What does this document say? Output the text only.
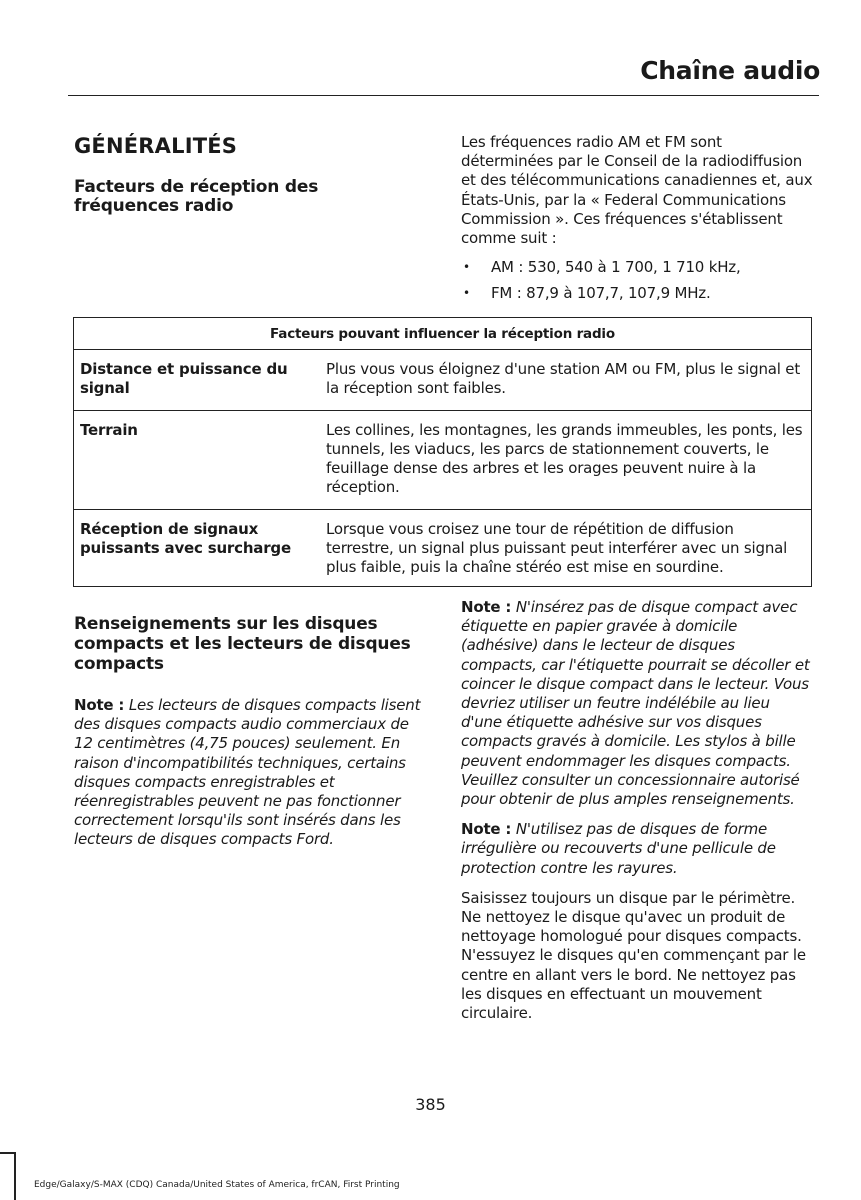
Chaîne audio
GÉNÉRALITÉS
Facteurs de réception des fréquences radio

Les fréquences radio AM et FM sont déterminées par le Conseil de la radiodiffusion et des télécommunications canadiennes et, aux États-Unis, par la « Federal Communications Commission ». Ces fréquences s'établissent comme suit :

• AM : 530, 540 à 1 700, 1 710 kHz,
• FM : 87,9 à 107,7, 107,9 MHz.
Facteurs pouvant influencer la réception radio	
Distance et puissance du signal	Plus vous vous éloignez d'une station AM ou FM, plus le signal et la réception sont faibles.
Terrain	Les collines, les montagnes, les grands immeubles, les ponts, les tunnels, les viaducs, les parcs de stationnement couverts, le feuillage dense des arbres et les orages peuvent nuire à la réception.
Réception de signaux puissants avec surcharge	Lorsque vous croisez une tour de répétition de diffusion terrestre, un signal plus puissant peut interférer avec un signal plus faible, puis la chaîne stéréo est mise en sourdine.
Renseignements sur les disques compacts et les lecteurs de disques compacts

Note : Les lecteurs de disques compacts lisent des disques compacts audio commerciaux de 12 centimètres (4,75 pouces) seulement. En raison d'incompatibilités techniques, certains disques compacts enregistrables et réenregistrables peuvent ne pas fonctionner correctement lorsqu'ils sont insérés dans les lecteurs de disques compacts Ford.

Note : N'insérez pas de disque compact avec étiquette en papier gravée à domicile (adhésive) dans le lecteur de disques compacts, car l'étiquette pourrait se décoller et coincer le disque compact dans le lecteur. Vous devriez utiliser un feutre indélébile au lieu d'une étiquette adhésive sur vos disques compacts gravés à domicile. Les stylos à bille peuvent endommager les disques compacts. Veuillez consulter un concessionnaire autorisé pour obtenir de plus amples renseignements.

Note : N'utilisez pas de disques de forme irrégulière ou recouverts d'une pellicule de protection contre les rayures.

Saisissez toujours un disque par le périmètre. Ne nettoyez le disque qu'avec un produit de nettoyage homologué pour disques compacts. N'essuyez le disques qu'en commençant par le centre en allant vers le bord. Ne nettoyez pas les disques en effectuant un mouvement circulaire.

385
Edge/Galaxy/S-MAX (CDQ) Canada/United States of America, frCAN, First Printing
